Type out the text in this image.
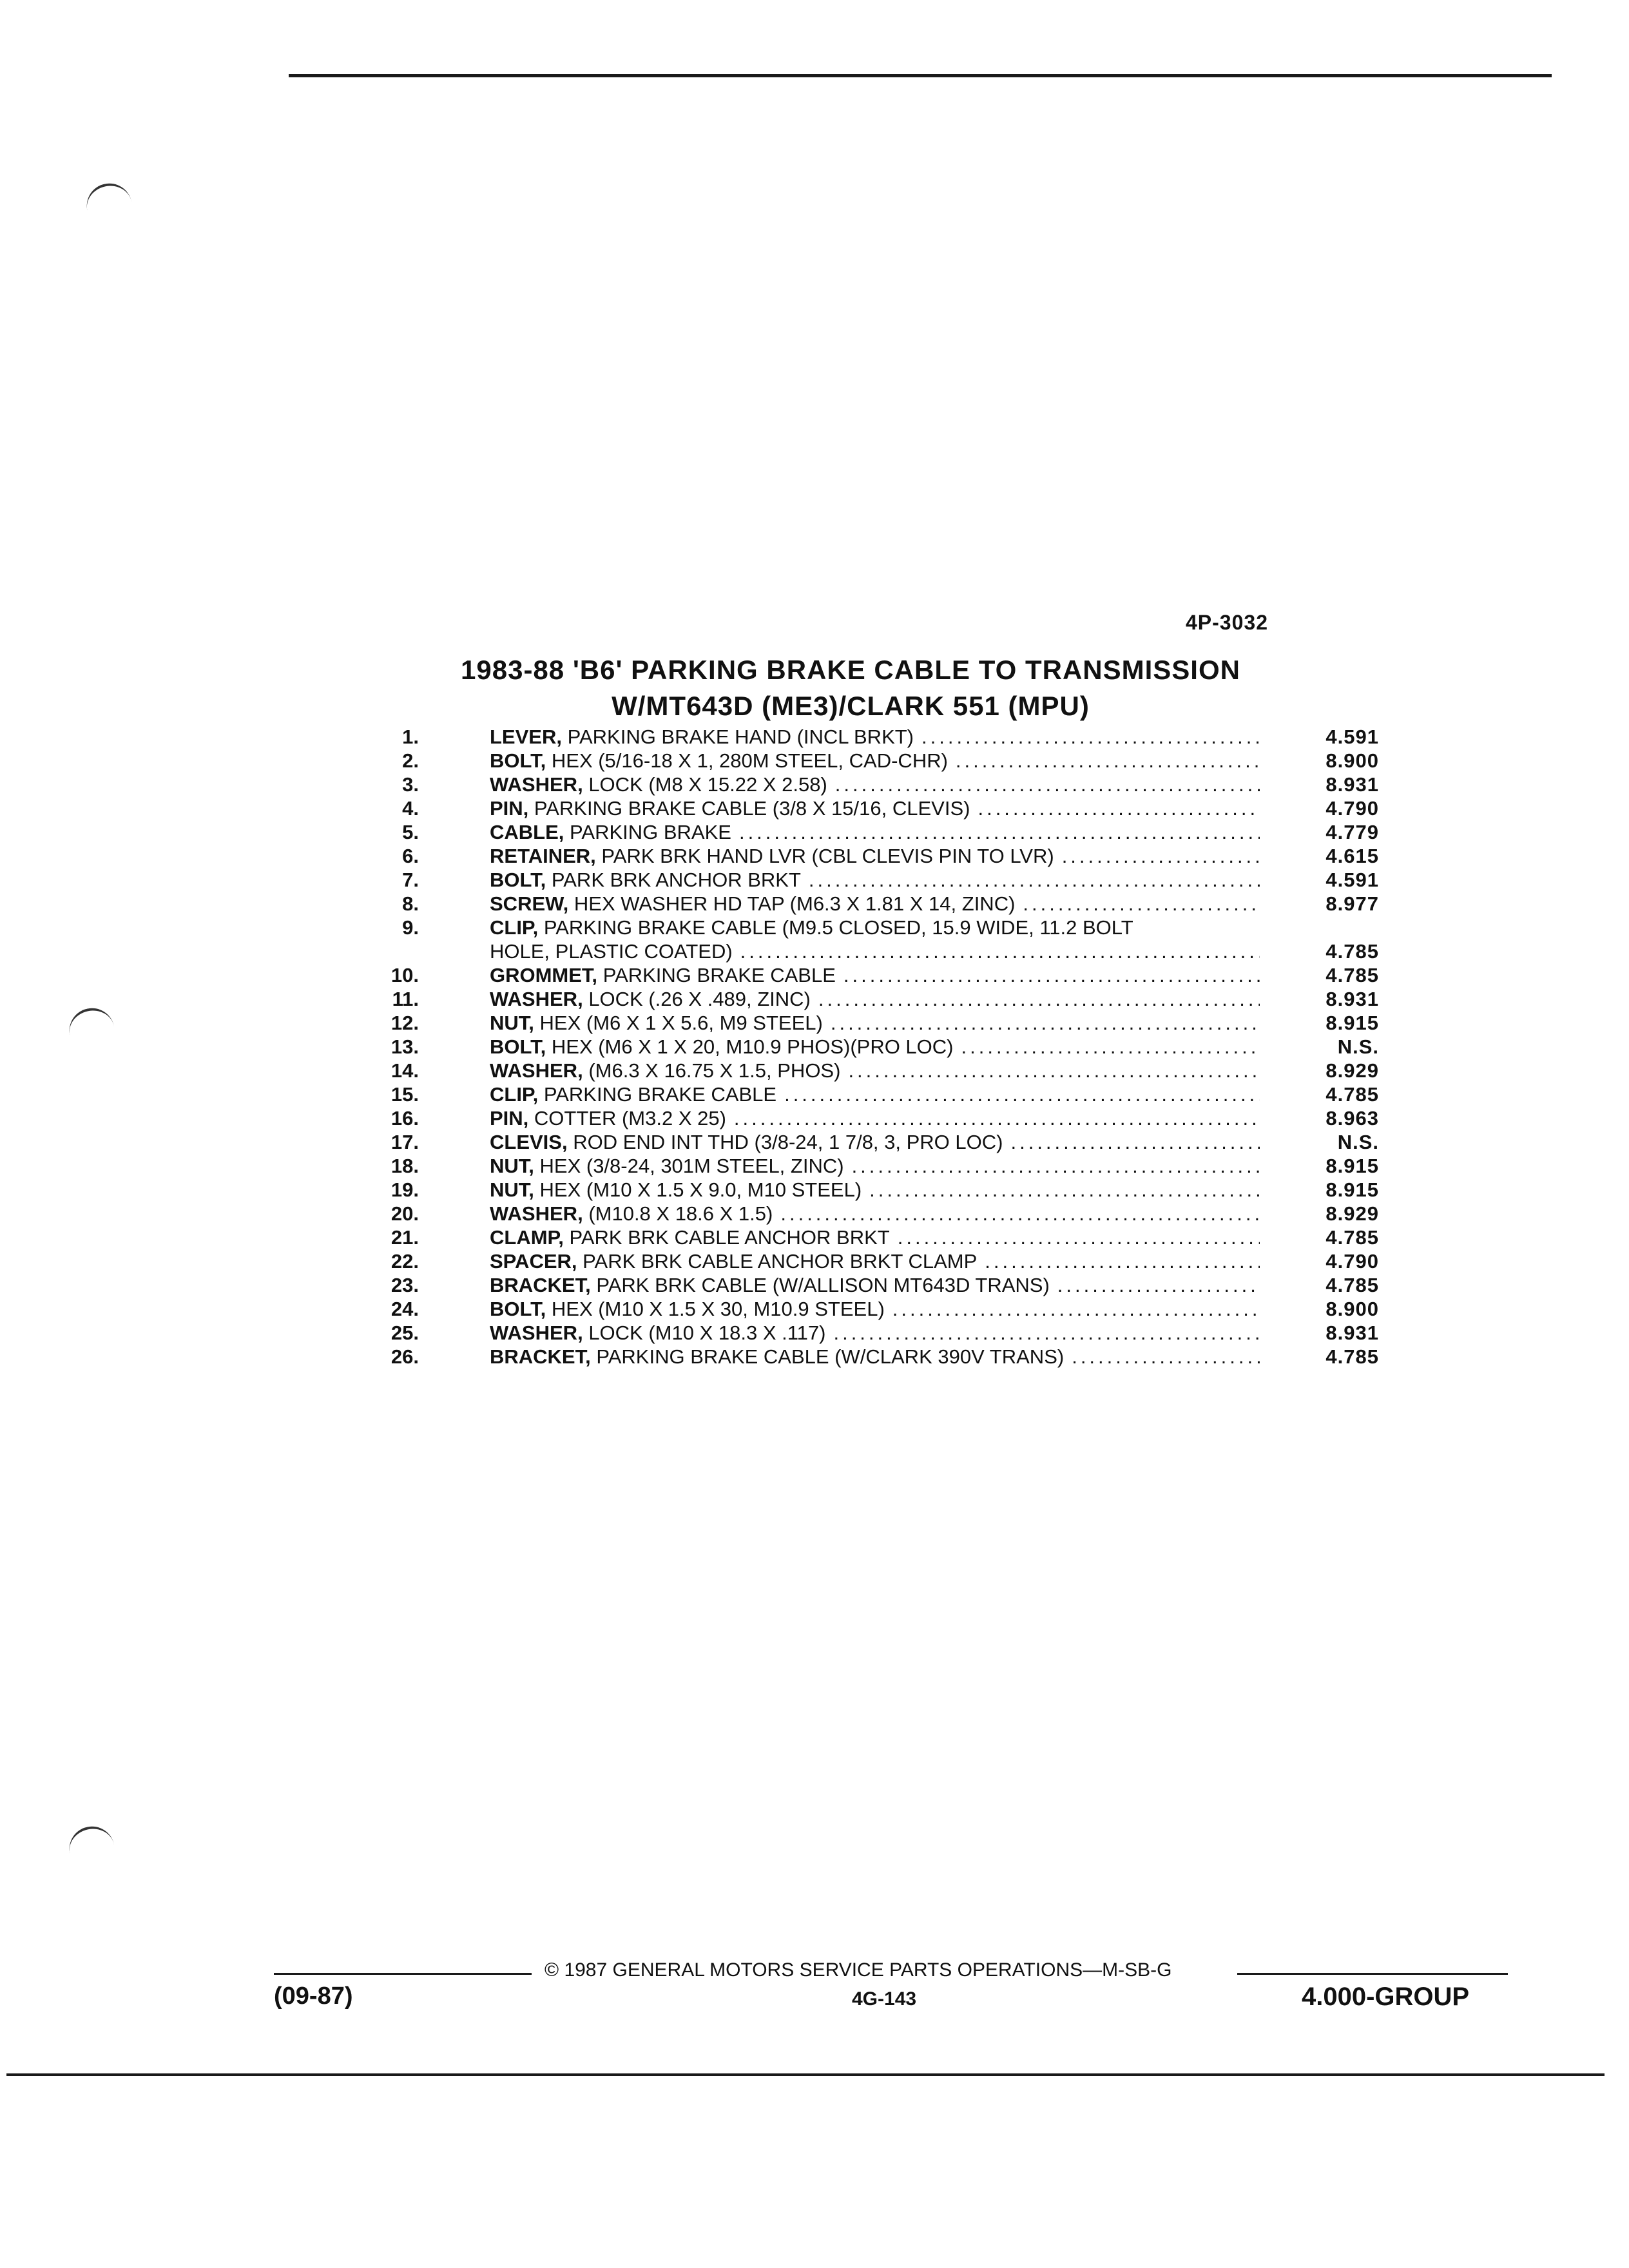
4P-3032
1983-88 'B6' PARKING BRAKE CABLE TO TRANSMISSION
W/MT643D (ME3)/CLARK 551 (MPU)
1.	LEVER, PARKING BRAKE HAND (INCL BRKT) .....	4.591
2.	BOLT, HEX (5/16-18 X 1, 280M STEEL, CAD-CHR) .....	8.900
3.	WASHER, LOCK (M8 X 15.22 X 2.58) .....	8.931
4.	PIN, PARKING BRAKE CABLE (3/8 X 15/16, CLEVIS) .....	4.790
5.	CABLE, PARKING BRAKE .....	4.779
6.	RETAINER, PARK BRK HAND LVR (CBL CLEVIS PIN TO LVR) .....	4.615
7.	BOLT, PARK BRK ANCHOR BRKT .....	4.591
8.	SCREW, HEX WASHER HD TAP (M6.3 X 1.81 X 14, ZINC) .....	8.977
9.	CLIP, PARKING BRAKE CABLE (M9.5 CLOSED, 15.9 WIDE, 11.2 BOLT
HOLE, PLASTIC COATED) .....	4.785
10.	GROMMET, PARKING BRAKE CABLE .....	4.785
11.	WASHER, LOCK (.26 X .489, ZINC) .....	8.931
12.	NUT, HEX (M6 X 1 X 5.6, M9 STEEL) .....	8.915
13.	BOLT, HEX (M6 X 1 X 20, M10.9 PHOS)(PRO LOC) .....	N.S.
14.	WASHER, (M6.3 X 16.75 X 1.5, PHOS) .....	8.929
15.	CLIP, PARKING BRAKE CABLE .....	4.785
16.	PIN, COTTER (M3.2 X 25) .....	8.963
17.	CLEVIS, ROD END INT THD (3/8-24, 1 7/8, 3, PRO LOC) .....	N.S.
18.	NUT, HEX (3/8-24, 301M STEEL, ZINC) .....	8.915
19.	NUT, HEX (M10 X 1.5 X 9.0, M10 STEEL) .....	8.915
20.	WASHER, (M10.8 X 18.6 X 1.5) .....	8.929
21.	CLAMP, PARK BRK CABLE ANCHOR BRKT .....	4.785
22.	SPACER, PARK BRK CABLE ANCHOR BRKT CLAMP .....	4.790
23.	BRACKET, PARK BRK CABLE (W/ALLISON MT643D TRANS) .....	4.785
24.	BOLT, HEX (M10 X 1.5 X 30, M10.9 STEEL) .....	8.900
25.	WASHER, LOCK (M10 X 18.3 X .117) .....	8.931
26.	BRACKET, PARKING BRAKE CABLE (W/CLARK 390V TRANS) .....	4.785
© 1987 GENERAL MOTORS SERVICE PARTS OPERATIONS—M-SB-G
(09-87)	4G-143	4.000-GROUP
